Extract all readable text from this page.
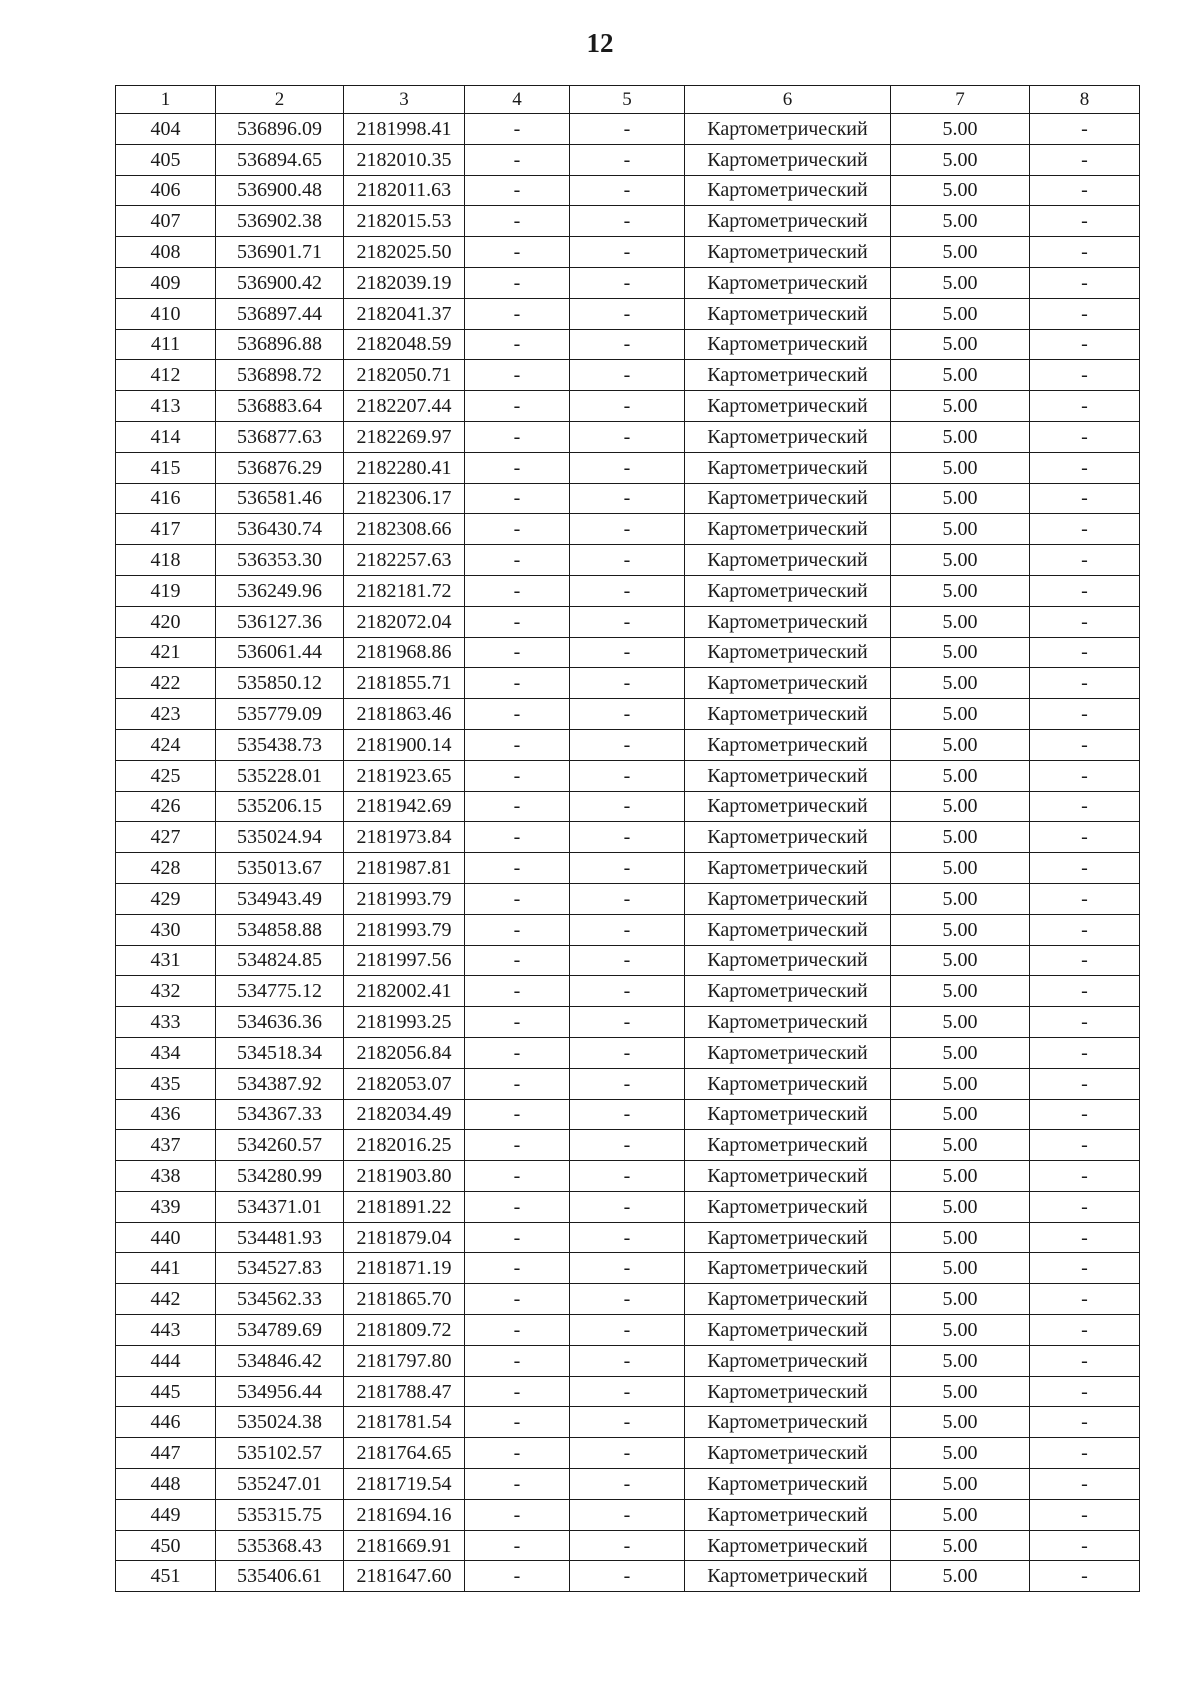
12
1	2	3	4	5	6	7	8
404	536896.09	2181998.41	-	-	Картометрический	5.00	-
405	536894.65	2182010.35	-	-	Картометрический	5.00	-
406	536900.48	2182011.63	-	-	Картометрический	5.00	-
407	536902.38	2182015.53	-	-	Картометрический	5.00	-
408	536901.71	2182025.50	-	-	Картометрический	5.00	-
409	536900.42	2182039.19	-	-	Картометрический	5.00	-
410	536897.44	2182041.37	-	-	Картометрический	5.00	-
411	536896.88	2182048.59	-	-	Картометрический	5.00	-
412	536898.72	2182050.71	-	-	Картометрический	5.00	-
413	536883.64	2182207.44	-	-	Картометрический	5.00	-
414	536877.63	2182269.97	-	-	Картометрический	5.00	-
415	536876.29	2182280.41	-	-	Картометрический	5.00	-
416	536581.46	2182306.17	-	-	Картометрический	5.00	-
417	536430.74	2182308.66	-	-	Картометрический	5.00	-
418	536353.30	2182257.63	-	-	Картометрический	5.00	-
419	536249.96	2182181.72	-	-	Картометрический	5.00	-
420	536127.36	2182072.04	-	-	Картометрический	5.00	-
421	536061.44	2181968.86	-	-	Картометрический	5.00	-
422	535850.12	2181855.71	-	-	Картометрический	5.00	-
423	535779.09	2181863.46	-	-	Картометрический	5.00	-
424	535438.73	2181900.14	-	-	Картометрический	5.00	-
425	535228.01	2181923.65	-	-	Картометрический	5.00	-
426	535206.15	2181942.69	-	-	Картометрический	5.00	-
427	535024.94	2181973.84	-	-	Картометрический	5.00	-
428	535013.67	2181987.81	-	-	Картометрический	5.00	-
429	534943.49	2181993.79	-	-	Картометрический	5.00	-
430	534858.88	2181993.79	-	-	Картометрический	5.00	-
431	534824.85	2181997.56	-	-	Картометрический	5.00	-
432	534775.12	2182002.41	-	-	Картометрический	5.00	-
433	534636.36	2181993.25	-	-	Картометрический	5.00	-
434	534518.34	2182056.84	-	-	Картометрический	5.00	-
435	534387.92	2182053.07	-	-	Картометрический	5.00	-
436	534367.33	2182034.49	-	-	Картометрический	5.00	-
437	534260.57	2182016.25	-	-	Картометрический	5.00	-
438	534280.99	2181903.80	-	-	Картометрический	5.00	-
439	534371.01	2181891.22	-	-	Картометрический	5.00	-
440	534481.93	2181879.04	-	-	Картометрический	5.00	-
441	534527.83	2181871.19	-	-	Картометрический	5.00	-
442	534562.33	2181865.70	-	-	Картометрический	5.00	-
443	534789.69	2181809.72	-	-	Картометрический	5.00	-
444	534846.42	2181797.80	-	-	Картометрический	5.00	-
445	534956.44	2181788.47	-	-	Картометрический	5.00	-
446	535024.38	2181781.54	-	-	Картометрический	5.00	-
447	535102.57	2181764.65	-	-	Картометрический	5.00	-
448	535247.01	2181719.54	-	-	Картометрический	5.00	-
449	535315.75	2181694.16	-	-	Картометрический	5.00	-
450	535368.43	2181669.91	-	-	Картометрический	5.00	-
451	535406.61	2181647.60	-	-	Картометрический	5.00	-
